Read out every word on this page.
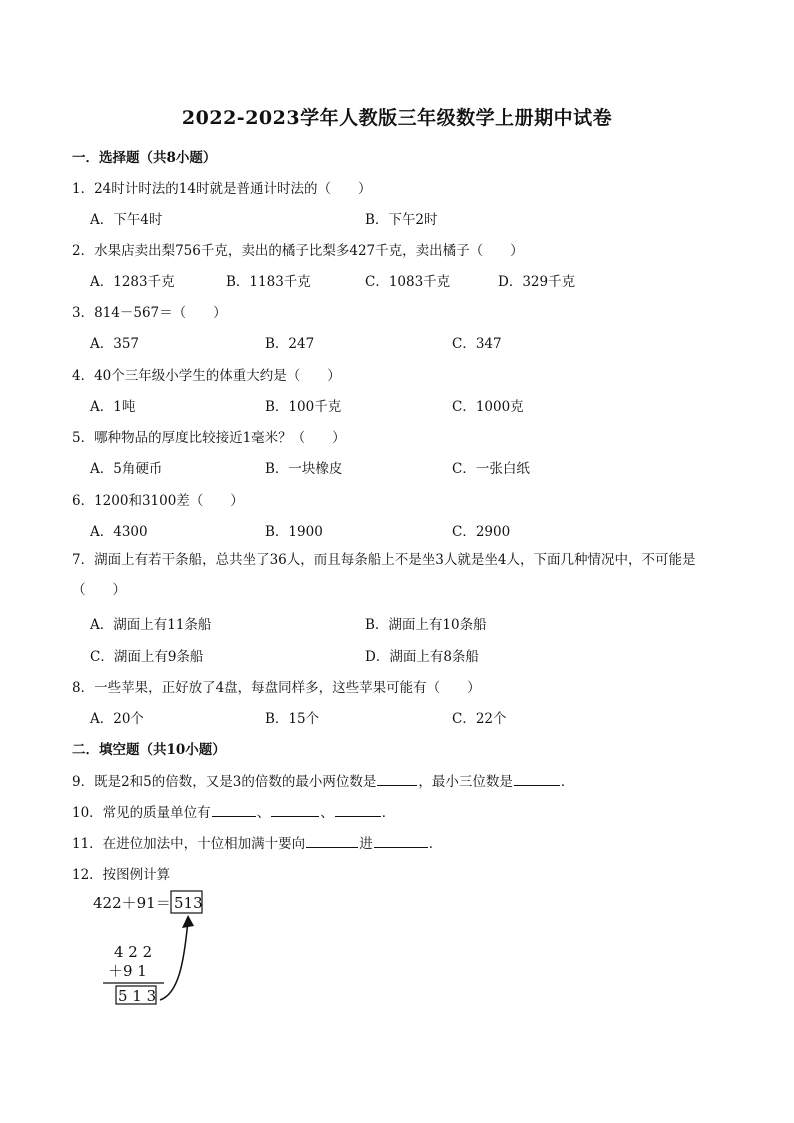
2022-2023学年人教版三年级数学上册期中试卷
一．选择题（共8小题）
1．24时计时法的14时就是普通计时法的（　　）
A．下午4时	B．下午2时
2．水果店卖出梨756千克，卖出的橘子比梨多427千克，卖出橘子（　　）
A．1283千克	B．1183千克	C．1083千克	D．329千克
3．814－567＝（　　）
A．357	B．247	C．347
4．40个三年级小学生的体重大约是（　　）
A．1吨	B．100千克	C．1000克
5．哪种物品的厚度比较接近1毫米？（　　）
A．5角硬币	B．一块橡皮	C．一张白纸
6．1200和3100差（　　）
A．4300	B．1900	C．2900
7．湖面上有若干条船，总共坐了36人，而且每条船上不是坐3人就是坐4人，下面几种情况中，不可能是（　　）
A．湖面上有11条船	B．湖面上有10条船
C．湖面上有9条船	D．湖面上有8条船
8．一些苹果，正好放了4盘，每盘同样多，这些苹果可能有（　　）
A．20个	B．15个	C．22个
二．填空题（共10小题）
9．既是2和5的倍数，又是3的倍数的最小两位数是	，最小三位数是	．
10．常见的质量单位有	、	、	．
11．在进位加法中，十位相加满十要向	进	．
12．按图例计算
422＋91＝ 513
4 2 2
＋9 1
5 1 3
